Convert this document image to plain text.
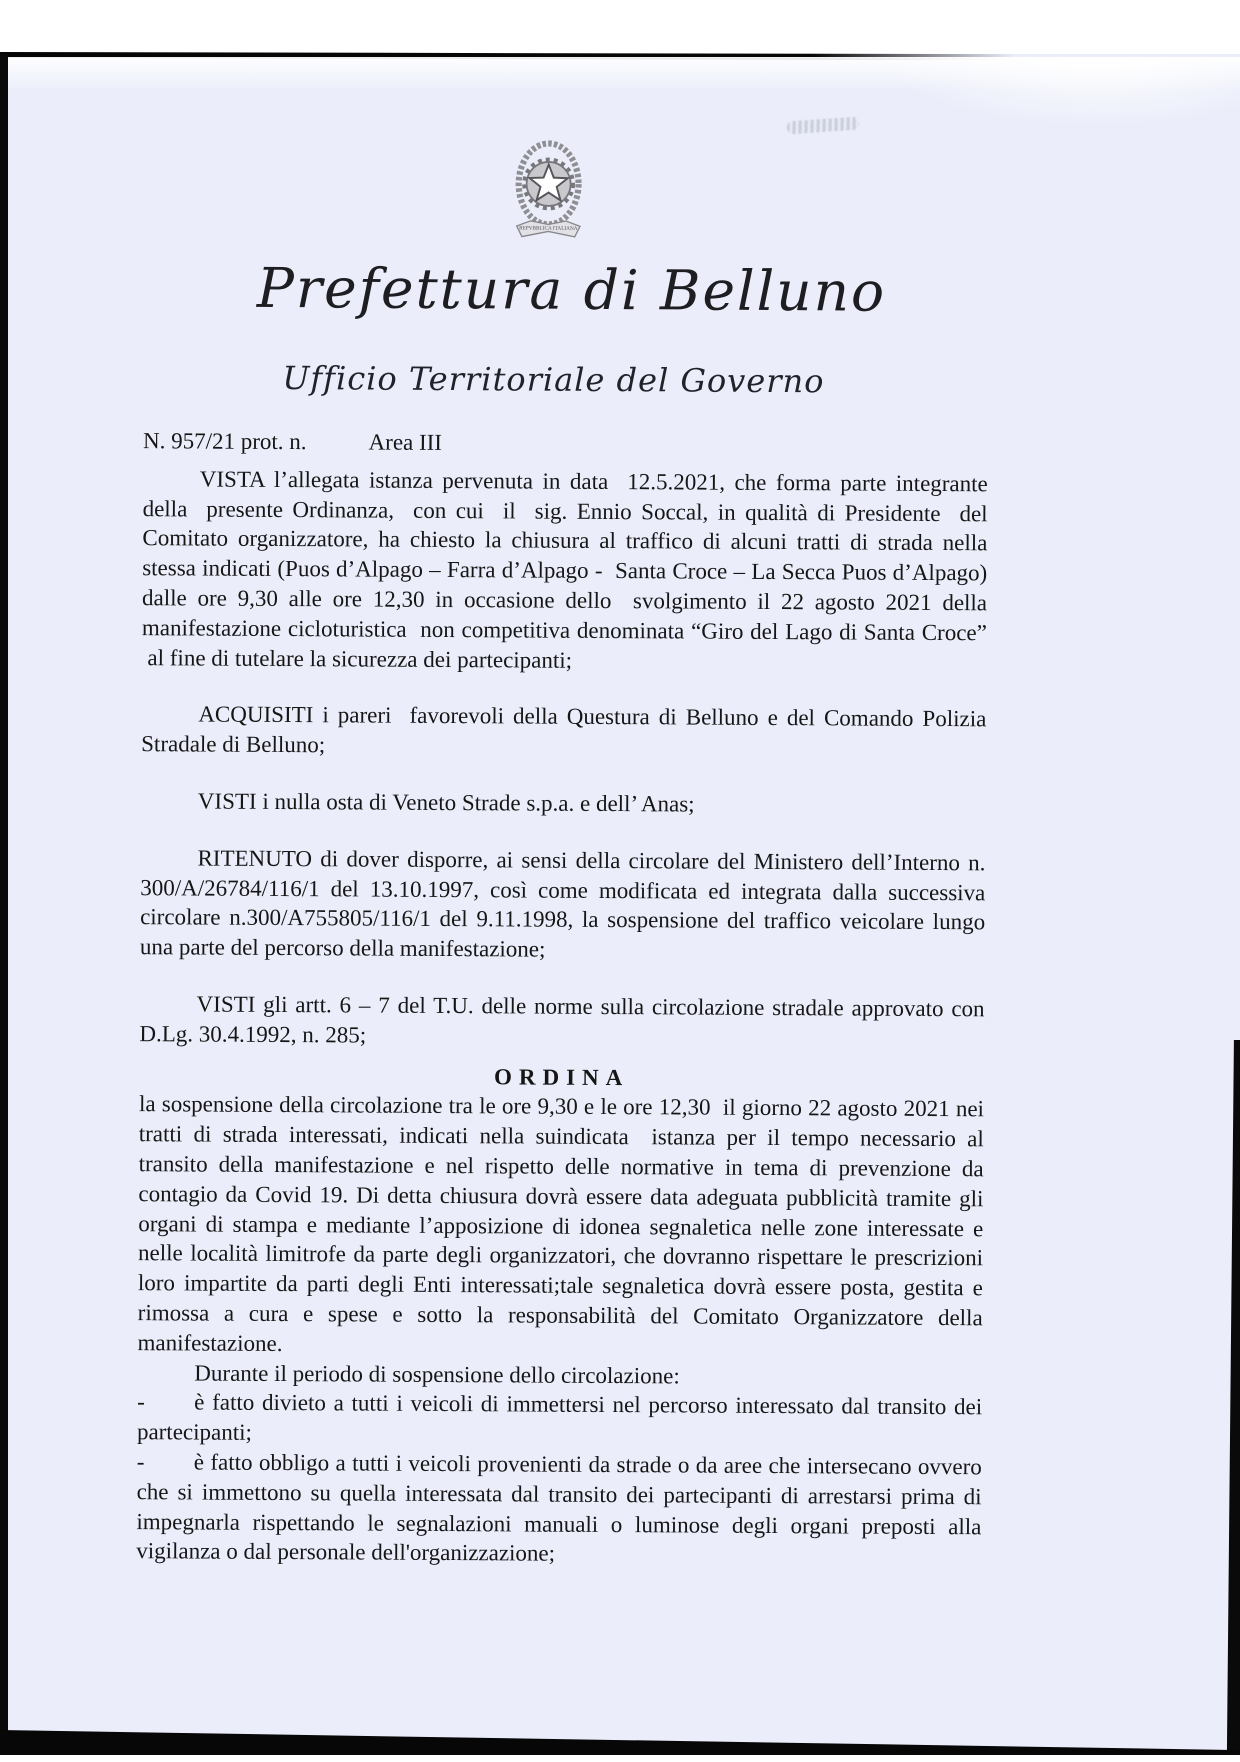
REPVBBLICA ITALIANA
Prefettura di Belluno
Ufficio Territoriale del Governo
N. 957/21 prot. n.	Area III

VISTA l’allegata istanza pervenuta in data  12.5.2021, che forma parte integrante della  presente Ordinanza,  con cui  il  sig. Ennio Soccal, in qualità di Presidente  del Comitato organizzatore, ha chiesto la chiusura al traffico di alcuni tratti di strada nella stessa indicati (Puos d’Alpago – Farra d’Alpago -  Santa Croce – La Secca Puos d’Alpago) dalle ore 9,30 alle ore 12,30 in occasione dello  svolgimento il 22 agosto 2021 della manifestazione cicloturistica  non competitiva denominata “Giro del Lago di Santa Croce”  al fine di tutelare la sicurezza dei partecipanti;

ACQUISITI i pareri  favorevoli della Questura di Belluno e del Comando Polizia Stradale di Belluno;

VISTI i nulla osta di Veneto Strade s.p.a. e dell’ Anas;

RITENUTO di dover disporre, ai sensi della circolare del Ministero dell’Interno n. 300/A/26784/116/1 del 13.10.1997, così come modificata ed integrata dalla successiva circolare n.300/A755805/116/1 del 9.11.1998, la sospensione del traffico veicolare lungo una parte del percorso della manifestazione;

VISTI gli artt. 6 – 7 del T.U. delle norme sulla circolazione stradale approvato con D.Lg. 30.4.1992, n. 285;

ORDINA

la sospensione della circolazione tra le ore 9,30 e le ore 12,30  il giorno 22 agosto 2021 nei tratti di strada interessati, indicati nella suindicata  istanza per il tempo necessario al transito della manifestazione e nel rispetto delle normative in tema di prevenzione da contagio da Covid 19. Di detta chiusura dovrà essere data adeguata pubblicità tramite gli organi di stampa e mediante l’apposizione di idonea segnaletica nelle zone interessate e nelle località limitrofe da parte degli organizzatori, che dovranno rispettare le prescrizioni loro impartite da parti degli Enti interessati;tale segnaletica dovrà essere posta, gestita e rimossa a cura e spese e sotto la responsabilità del Comitato Organizzatore della manifestazione.

Durante il periodo di sospensione dello circolazione:

- è fatto divieto a tutti i veicoli di immettersi nel percorso interessato dal transito dei partecipanti;

- è fatto obbligo a tutti i veicoli provenienti da strade o da aree che intersecano ovvero che si immettono su quella interessata dal transito dei partecipanti di arrestarsi prima di impegnarla rispettando le segnalazioni manuali o luminose degli organi preposti alla vigilanza o dal personale dell'organizzazione;
